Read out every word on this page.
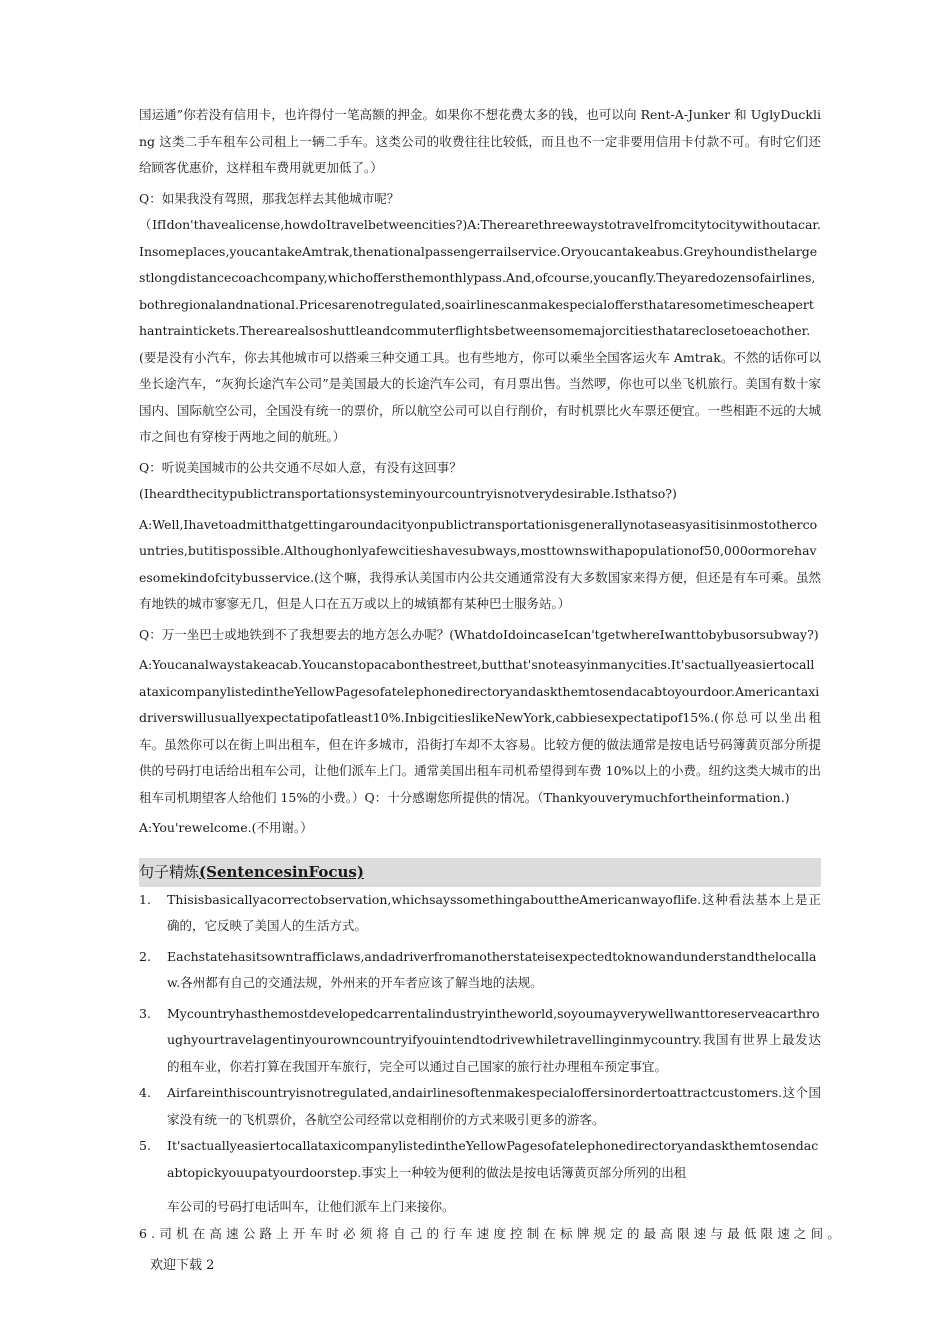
国运通”你若没有信用卡，也许得付一笔高额的押金。如果你不想花费太多的钱，也可以向 Rent-A-Junker 和 UglyDuckling 这类二手车租车公司租上一辆二手车。这类公司的收费往往比较低，而且也不一定非要用信用卡付款不可。有时它们还给顾客优惠价，这样租车费用就更加低了。）

Q：如果我没有驾照，那我怎样去其他城市呢？

（IfIdon'thavealicense,howdoItravelbetweencities?)A:Therearethreewaystotravelfromcitytocitywithoutacar.Insomeplaces,youcantakeAmtrak,thenationalpassengerrailservice.Oryoucantakeabus.Greyhoundisthelargestlongdistancecoachcompany,whichoffersthemonthlypass.And,ofcourse,youcanfly.Theyaredozensofairlines,bothregionalandnational.Pricesarenotregulated,soairlinescanmakespecialoffersthataresometimescheaperthantraintickets.Therearealsoshuttleandcommuterflightsbetweensomemajorcitiesthatareclosetoeachother.(要是没有小汽车，你去其他城市可以搭乘三种交通工具。也有些地方，你可以乘坐全国客运火车 Amtrak。不然的话你可以坐长途汽车，“灰狗长途汽车公司”是美国最大的长途汽车公司，有月票出售。当然啰，你也可以坐飞机旅行。美国有数十家国内、国际航空公司，全国没有统一的票价，所以航空公司可以自行削价，有时机票比火车票还便宜。一些相距不远的大城市之间也有穿梭于两地之间的航班。）

Q：听说美国城市的公共交通不尽如人意，有没有这回事？

(Iheardthecitypublictransportationsysteminyourcountryisnotverydesirable.Isthatso?)

A:Well,Ihavetoadmitthatgettingaroundacityonpublictransportationisgenerallynotaseasyasitisinmostothercountries,butitispossible.Althoughonlyafewcitieshavesubways,mosttownswithapopulationof50,000ormorehavesomekindofcitybusservice.(这个嘛，我得承认美国市内公共交通通常没有大多数国家来得方便，但还是有车可乘。虽然有地铁的城市寥寥无几，但是人口在五万或以上的城镇都有某种巴士服务站。）

Q：万一坐巴士或地铁到不了我想要去的地方怎么办呢？(WhatdoIdoincaseIcan'tgetwhereIwanttobybusorsubway?)

A:Youcanalwaystakeacab.Youcanstopacabonthestreet,butthat'snoteasyinmanycities.It'sactuallyeasiertocallataxicompanylistedintheYellowPagesofatelephonedirectoryandaskthemtosendacabtoyourdoor.Americantaxidriverswillusuallyexpectatipofatleast10%.InbigcitieslikeNewYork,cabbiesexpectatipof15%.(你总可以坐出租车。虽然你可以在街上叫出租车，但在许多城市，沿街打车却不太容易。比较方便的做法通常是按电话号码簿黄页部分所提供的号码打电话给出租车公司，让他们派车上门。通常美国出租车司机希望得到车费 10%以上的小费。纽约这类大城市的出租车司机期望客人给他们 15%的小费。）Q：十分感谢您所提供的情况。（Thankyouverymuchfortheinformation.)

A:You'rewelcome.(不用谢。）

句子精炼(SentencesinFocus)
1.	Thisisbasicallyacorrectobservation,whichsayssomethingabouttheAmericanwayoflife.这种看法基本上是正确的，它反映了美国人的生活方式。
2.	Eachstatehasitsowntrafficlaws,andadriverfromanotherstateisexpectedtoknowandunderstandthelocallaw.各州都有自己的交通法规，外州来的开车者应该了解当地的法规。
3.	Mycountryhasthemostdevelopedcarrentalindustryintheworld,soyoumayverywellwanttoreserveacarthroughyourtravelagentinyourowncountryifyouintendtodrivewhiletravellinginmycountry.我国有世界上最发达的租车业，你若打算在我国开车旅行，完全可以通过自己国家的旅行社办理租车预定事宜。
4.	Airfareinthiscountryisnotregulated,andairlinesoftenmakespecialoffersinordertoattractcustomers.这个国家没有统一的飞机票价，各航空公司经常以竞相削价的方式来吸引更多的游客。
5.	It'sactuallyeasiertocallataxicompanylistedintheYellowPagesofatelephonedirectoryandaskthemtosendacabtopickyouupatyourdoorstep.事实上一种较为便利的做法是按电话簿黄页部分所列的出租
车公司的号码打电话叫车，让他们派车上门来接你。
6.司机在高速公路上开车时必须将自己的行车速度控制在标牌规定的最高限速与最低限速之间。
欢迎下载 2
